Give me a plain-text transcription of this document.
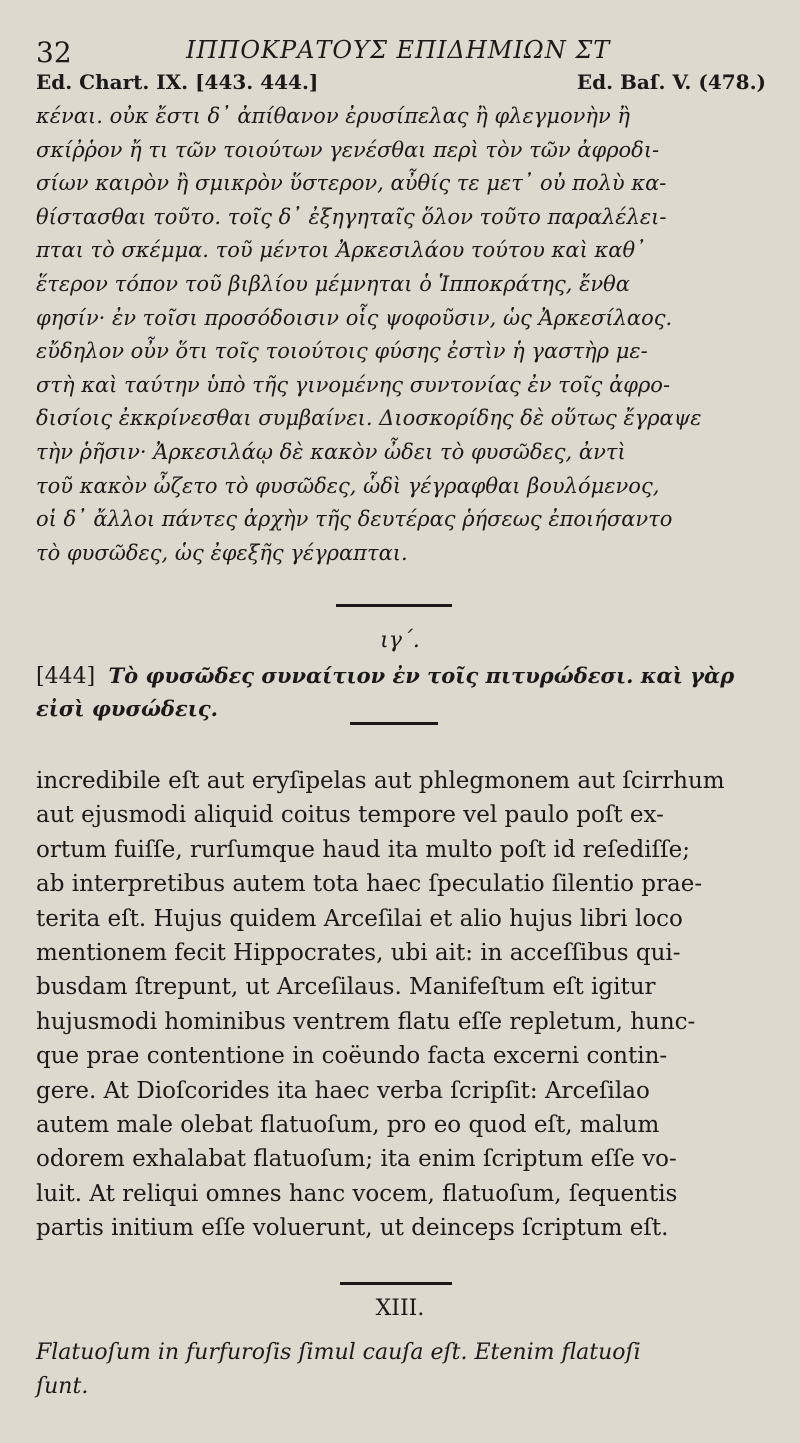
32	ΙΠΠΟΚΡΑΤΟΥΣ ΕΠΙΔΗΜΙΩΝ ΣΤ
Ed. Chart. IX. [443. 444.]	Ed. Baſ. V. (478.)

κέναι. οὐκ ἔστι δ᾽ ἀπίθανον ἐρυσίπελας ἢ φλεγμονὴν ἢ

σκίῤῥον ἤ τι τῶν τοιούτων γενέσθαι περὶ τὸν τῶν ἀφροδι-

σίων καιρὸν ἢ σμικρὸν ὕστερον, αὖθίς τε μετ᾽ οὐ πολὺ κα-

θίστασθαι τοῦτο. τοῖς δ᾽ ἐξηγηταῖς ὅλον τοῦτο παραλέλει-

πται τὸ σκέμμα. τοῦ μέντοι Ἀρκεσιλάου τούτου καὶ καθ᾽

ἕτερον τόπον τοῦ βιβλίου μέμνηται ὁ Ἱπποκράτης, ἔνθα

φησίν· ἐν τοῖσι προσόδοισιν οἷς ψοφοῦσιν, ὡς Ἀρκεσίλαος.

εὔδηλον οὖν ὅτι τοῖς τοιούτοις φύσης ἐστὶν ἡ γαστὴρ με-

στὴ καὶ ταύτην ὑπὸ τῆς γινομένης συντονίας ἐν τοῖς ἀφρο-

δισίοις ἐκκρίνεσθαι συμβαίνει. Διοσκορίδης δὲ οὕτως ἔγραψε

τὴν ῥῆσιν· Ἀρκεσιλάῳ δὲ κακὸν ὦδει τὸ φυσῶδες, ἀντὶ

τοῦ κακὸν ὦζετο τὸ φυσῶδες, ὧδὶ γέγραφθαι βουλόμενος,

οἱ δ᾽ ἄλλοι πάντες ἀρχὴν τῆς δευτέρας ῥήσεως ἐποιήσαντο

τὸ φυσῶδες, ὡς ἐφεξῆς γέγραπται.

ιγ΄.

[444] Τὸ φυσῶδες συναίτιον ἐν τοῖς πιτυρώδεσι. καὶ γὰρ

εἰσὶ φυσώδεις.

incredibile eſt aut eryſipelas aut phlegmonem aut ſcirrhum

aut ejusmodi aliquid coitus tempore vel paulo poſt ex-

ortum fuiſſe, rurſumque haud ita multo poſt id reſediſſe;

ab interpretibus autem tota haec ſpeculatio ſilentio prae-

terita eſt. Hujus quidem Arceſilai et alio hujus libri loco

mentionem fecit Hippocrates, ubi ait: in acceſſibus qui-

busdam ſtrepunt, ut Arceſilaus. Manifeſtum eſt igitur

hujusmodi hominibus ventrem flatu eſſe repletum, hunc-

que prae contentione in coëundo facta excerni contin-

gere. At Dioſcorides ita haec verba ſcripſit: Arceſilao

autem male olebat flatuoſum, pro eo quod eſt, malum

odorem exhalabat flatuoſum; ita enim ſcriptum eſſe vo-

luit. At reliqui omnes hanc vocem, flatuoſum, ſequentis

partis initium eſſe voluerunt, ut deinceps ſcriptum eſt.

XIII.

Flatuoſum in furfuroſis ſimul cauſa eſt. Etenim flatuoſi

ſunt.
